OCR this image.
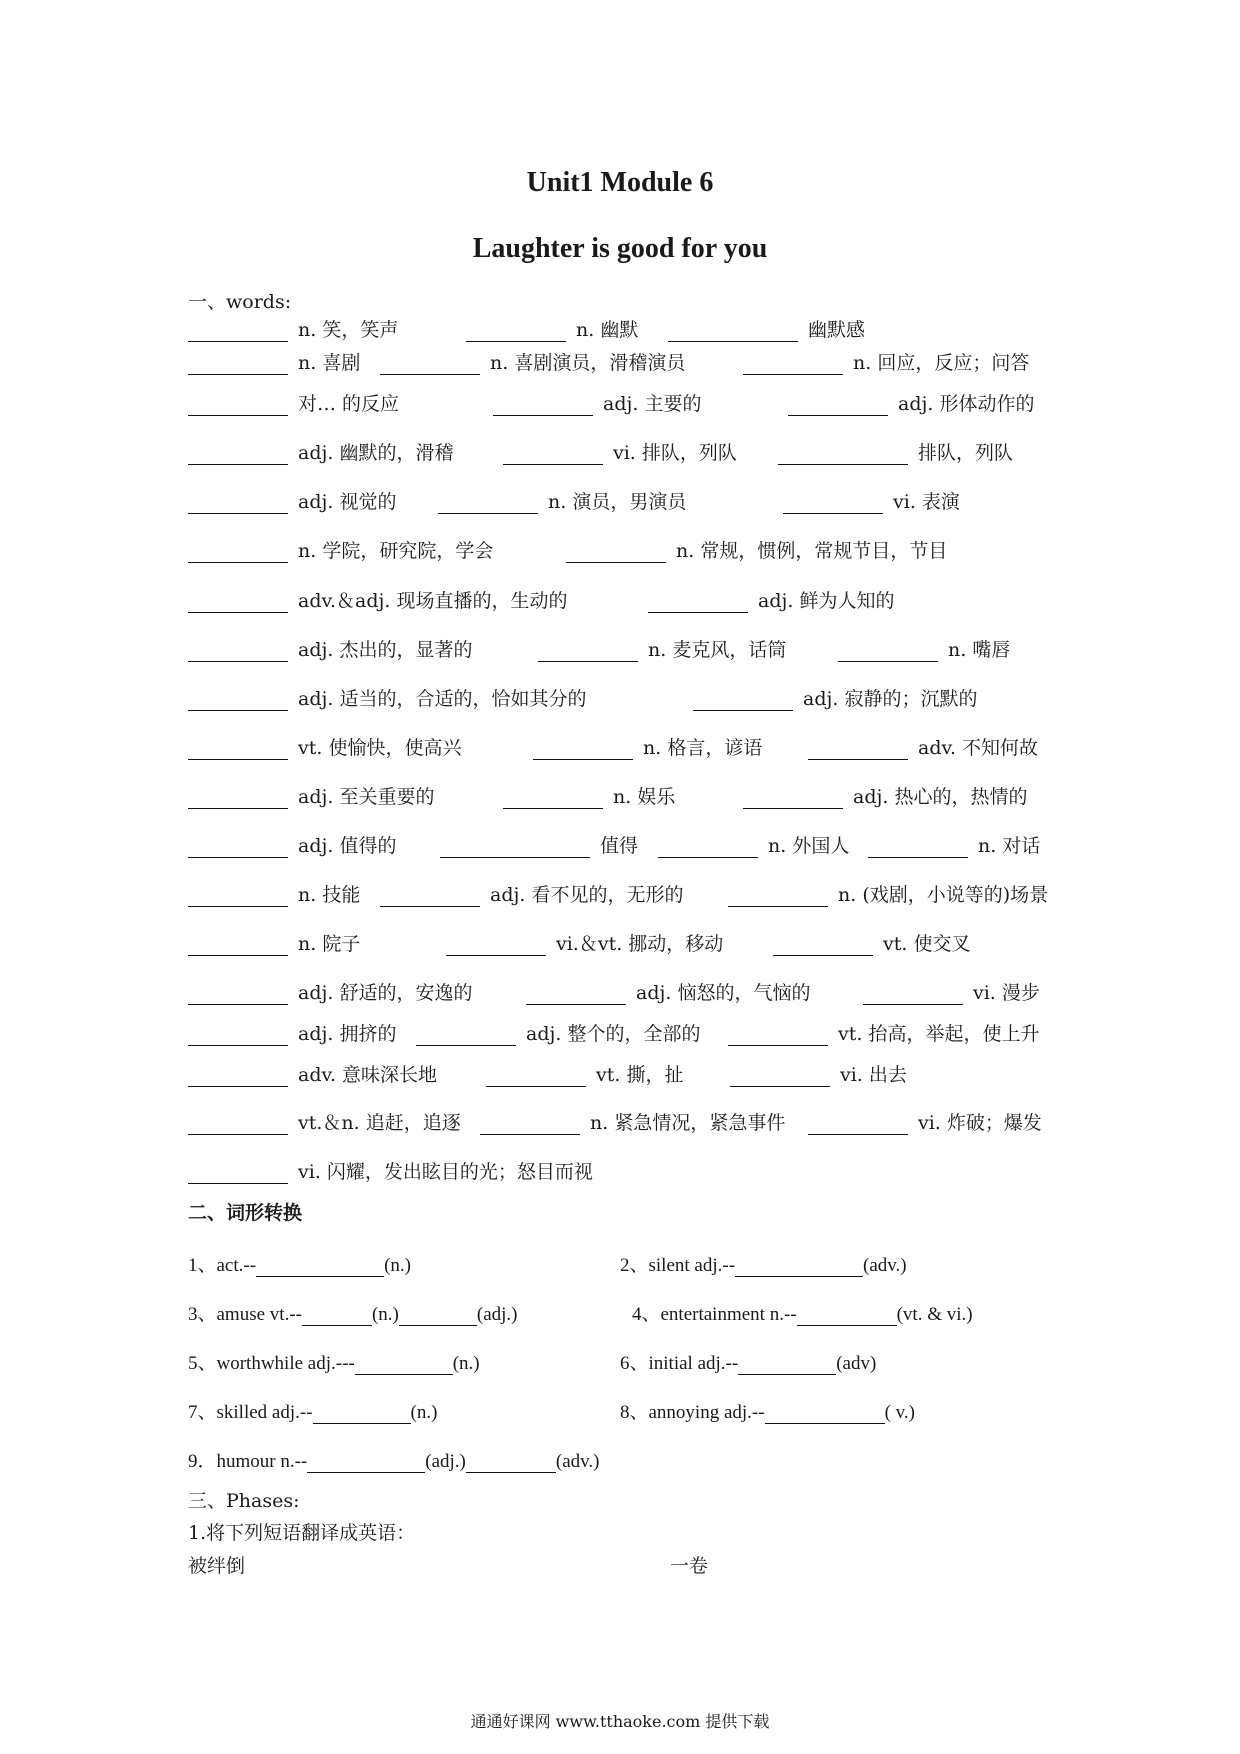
Unit1 Module 6
Laughter is good for you
一、words:
n. 笑，笑声	n. 幽默	幽默感
n. 喜剧	n. 喜剧演员，滑稽演员	n. 回应，反应；问答
对… 的反应	adj. 主要的	adj. 形体动作的
adj. 幽默的，滑稽	vi. 排队，列队	排队，列队
adj. 视觉的	n. 演员，男演员	vi. 表演
n. 学院，研究院，学会	n. 常规，惯例，常规节目，节目
adv.＆adj. 现场直播的，生动的	adj. 鲜为人知的
adj. 杰出的，显著的	n. 麦克风，话筒	n. 嘴唇
adj. 适当的，合适的，恰如其分的	adj. 寂静的；沉默的
vt. 使愉快，使高兴	n. 格言，谚语	adv. 不知何故
adj. 至关重要的	n. 娱乐	adj. 热心的，热情的
adj. 值得的	值得	n. 外国人	n. 对话
n. 技能	adj. 看不见的，无形的	n. (戏剧，小说等的)场景
n. 院子	vi.＆vt. 挪动，移动	vt. 使交叉
adj. 舒适的，安逸的	adj. 恼怒的，气恼的	vi. 漫步
adj. 拥挤的	adj. 整个的，全部的	vt. 抬高，举起，使上升
adv. 意味深长地	vt. 撕，扯	vi. 出去
vt.＆n. 追赶，追逐	n. 紧急情况，紧急事件	vi. 炸破；爆发
vi. 闪耀，发出眩目的光；怒目而视
二、词形转换
1、act.--	(n.)	2、silent adj.--	(adv.)
3、amuse vt.--	(n.)	(adj.)	4、entertainment n.--	(vt. & vi.)
5、worthwhile adj.---	(n.)	6、initial adj.--	(adv)
7、skilled adj.--	(n.)	8、annoying adj.--	( v.)
9．humour n.--	(adj.)	(adv.)
三、Phases:
1.将下列短语翻译成英语：
被绊倒	一卷
通通好课网 www.tthaoke.com 提供下载
